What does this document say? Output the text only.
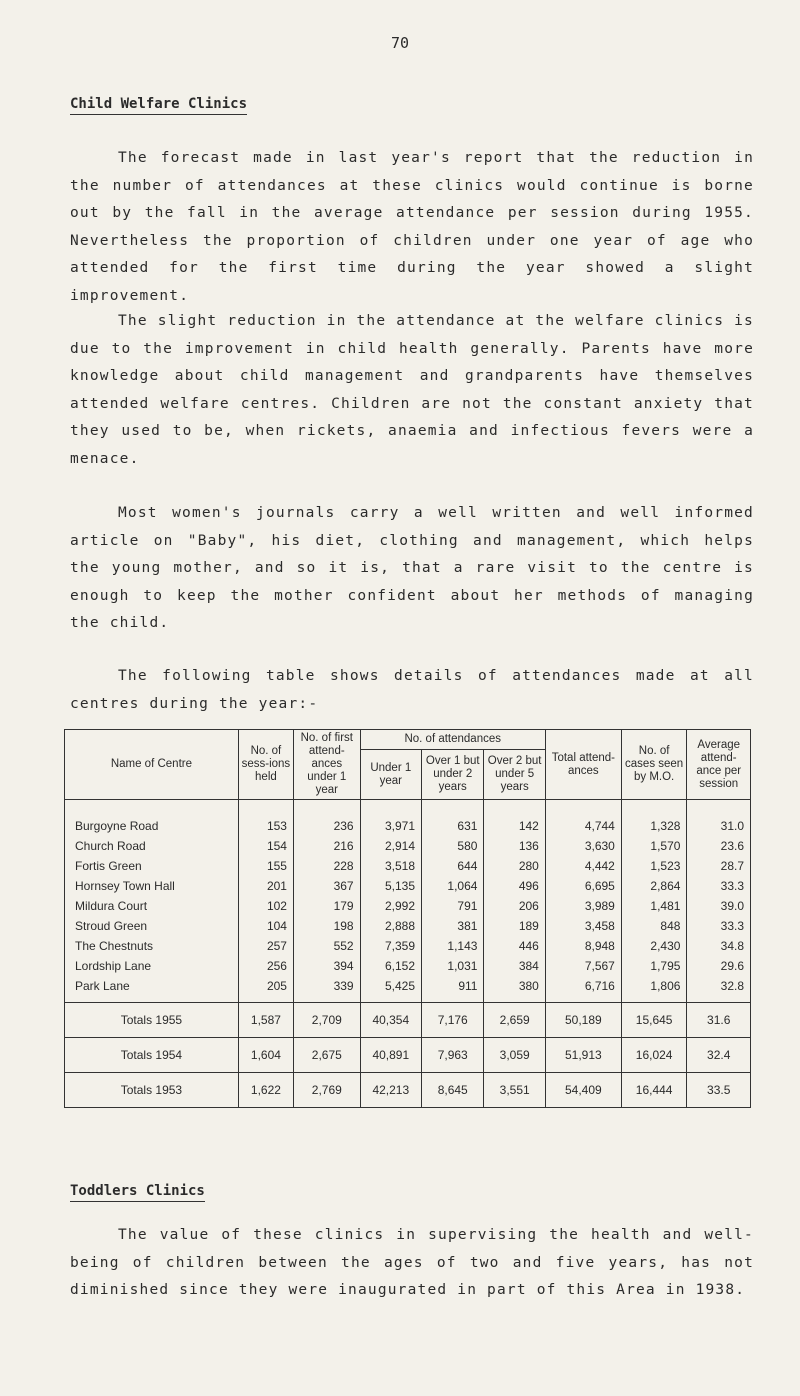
70
Child Welfare Clinics

The forecast made in last year's report that the reduction in the number of attendances at these clinics would continue is borne out by the fall in the average attendance per session during 1955. Nevertheless the proportion of children under one year of age who attended for the first time during the year showed a slight improvement.

The slight reduction in the attendance at the welfare clinics is due to the improvement in child health generally. Parents have more knowledge about child management and grandparents have themselves attended welfare centres. Children are not the constant anxiety that they used to be, when rickets, anaemia and infectious fevers were a menace.

Most women's journals carry a well written and well informed article on "Baby", his diet, clothing and management, which helps the young mother, and so it is, that a rare visit to the centre is enough to keep the mother confident about her methods of managing the child.

The following table shows details of attendances made at all centres during the year:-

Name of Centre	No. of sess-ions held	No. of first attend-ances under 1 year	No. of attendances			Total attend-ances	No. of cases seen by M.O.	Average attend-ance per session
			Under 1 year	Over 1 but under 2 years	Over 2 but under 5 years			

Burgoyne Road	153	236	3,971	631	142	4,744	1,328	31.0
Church Road	154	216	2,914	580	136	3,630	1,570	23.6
Fortis Green	155	228	3,518	644	280	4,442	1,523	28.7
Hornsey Town Hall	201	367	5,135	1,064	496	6,695	2,864	33.3
Mildura Court	102	179	2,992	791	206	3,989	1,481	39.0
Stroud Green	104	198	2,888	381	189	3,458	848	33.3
The Chestnuts	257	552	7,359	1,143	446	8,948	2,430	34.8
Lordship Lane	256	394	6,152	1,031	384	7,567	1,795	29.6
Park Lane	205	339	5,425	911	380	6,716	1,806	32.8
Totals 1955	1,587	2,709	40,354	7,176	2,659	50,189	15,645	31.6
Totals 1954	1,604	2,675	40,891	7,963	3,059	51,913	16,024	32.4
Totals 1953	1,622	2,769	42,213	8,645	3,551	54,409	16,444	33.5
Toddlers Clinics

The value of these clinics in supervising the health and well-being of children between the ages of two and five years, has not diminished since they were inaugurated in part of this Area in 1938.
